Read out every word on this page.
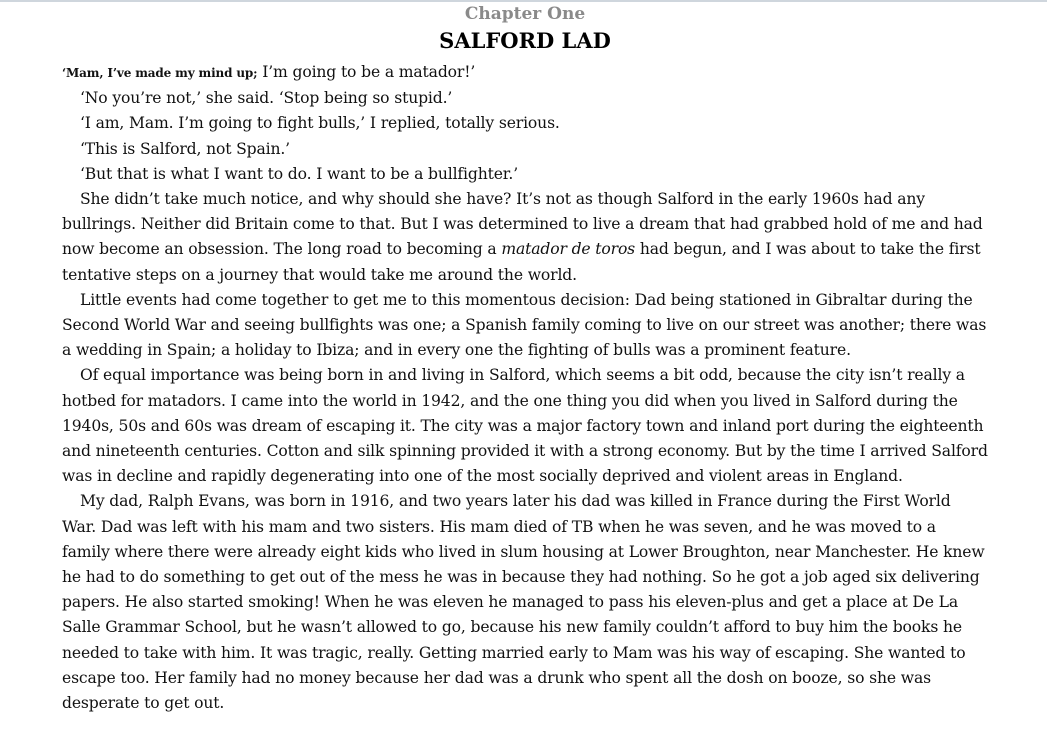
Chapter One
SALFORD LAD

‘Mam, I’ve made my mind up; I’m going to be a matador!’

‘No you’re not,’ she said. ‘Stop being so stupid.’

‘I am, Mam. I’m going to fight bulls,’ I replied, totally serious.

‘This is Salford, not Spain.’

‘But that is what I want to do. I want to be a bullfighter.’

She didn’t take much notice, and why should she have? It’s not as though Salford in the early 1960s had any bullrings. Neither did Britain come to that. But I was determined to live a dream that had grabbed hold of me and had now become an obsession. The long road to becoming a matador de toros had begun, and I was about to take the first tentative steps on a journey that would take me around the world.

Little events had come together to get me to this momentous decision: Dad being stationed in Gibraltar during the Second World War and seeing bullfights was one; a Spanish family coming to live on our street was another; there was a wedding in Spain; a holiday to Ibiza; and in every one the fighting of bulls was a prominent feature.

Of equal importance was being born in and living in Salford, which seems a bit odd, because the city isn’t really a hotbed for matadors. I came into the world in 1942, and the one thing you did when you lived in Salford during the 1940s, 50s and 60s was dream of escaping it. The city was a major factory town and inland port during the eighteenth and nineteenth centuries. Cotton and silk spinning provided it with a strong economy. But by the time I arrived Salford was in decline and rapidly degenerating into one of the most socially deprived and violent areas in England.

My dad, Ralph Evans, was born in 1916, and two years later his dad was killed in France during the First World War. Dad was left with his mam and two sisters. His mam died of TB when he was seven, and he was moved to a family where there were already eight kids who lived in slum housing at Lower Broughton, near Manchester. He knew he had to do something to get out of the mess he was in because they had nothing. So he got a job aged six delivering papers. He also started smoking! When he was eleven he managed to pass his eleven-plus and get a place at De La Salle Grammar School, but he wasn’t allowed to go, because his new family couldn’t afford to buy him the books he needed to take with him. It was tragic, really. Getting married early to Mam was his way of escaping. She wanted to escape too. Her family had no money because her dad was a drunk who spent all the dosh on booze, so she was desperate to get out.
